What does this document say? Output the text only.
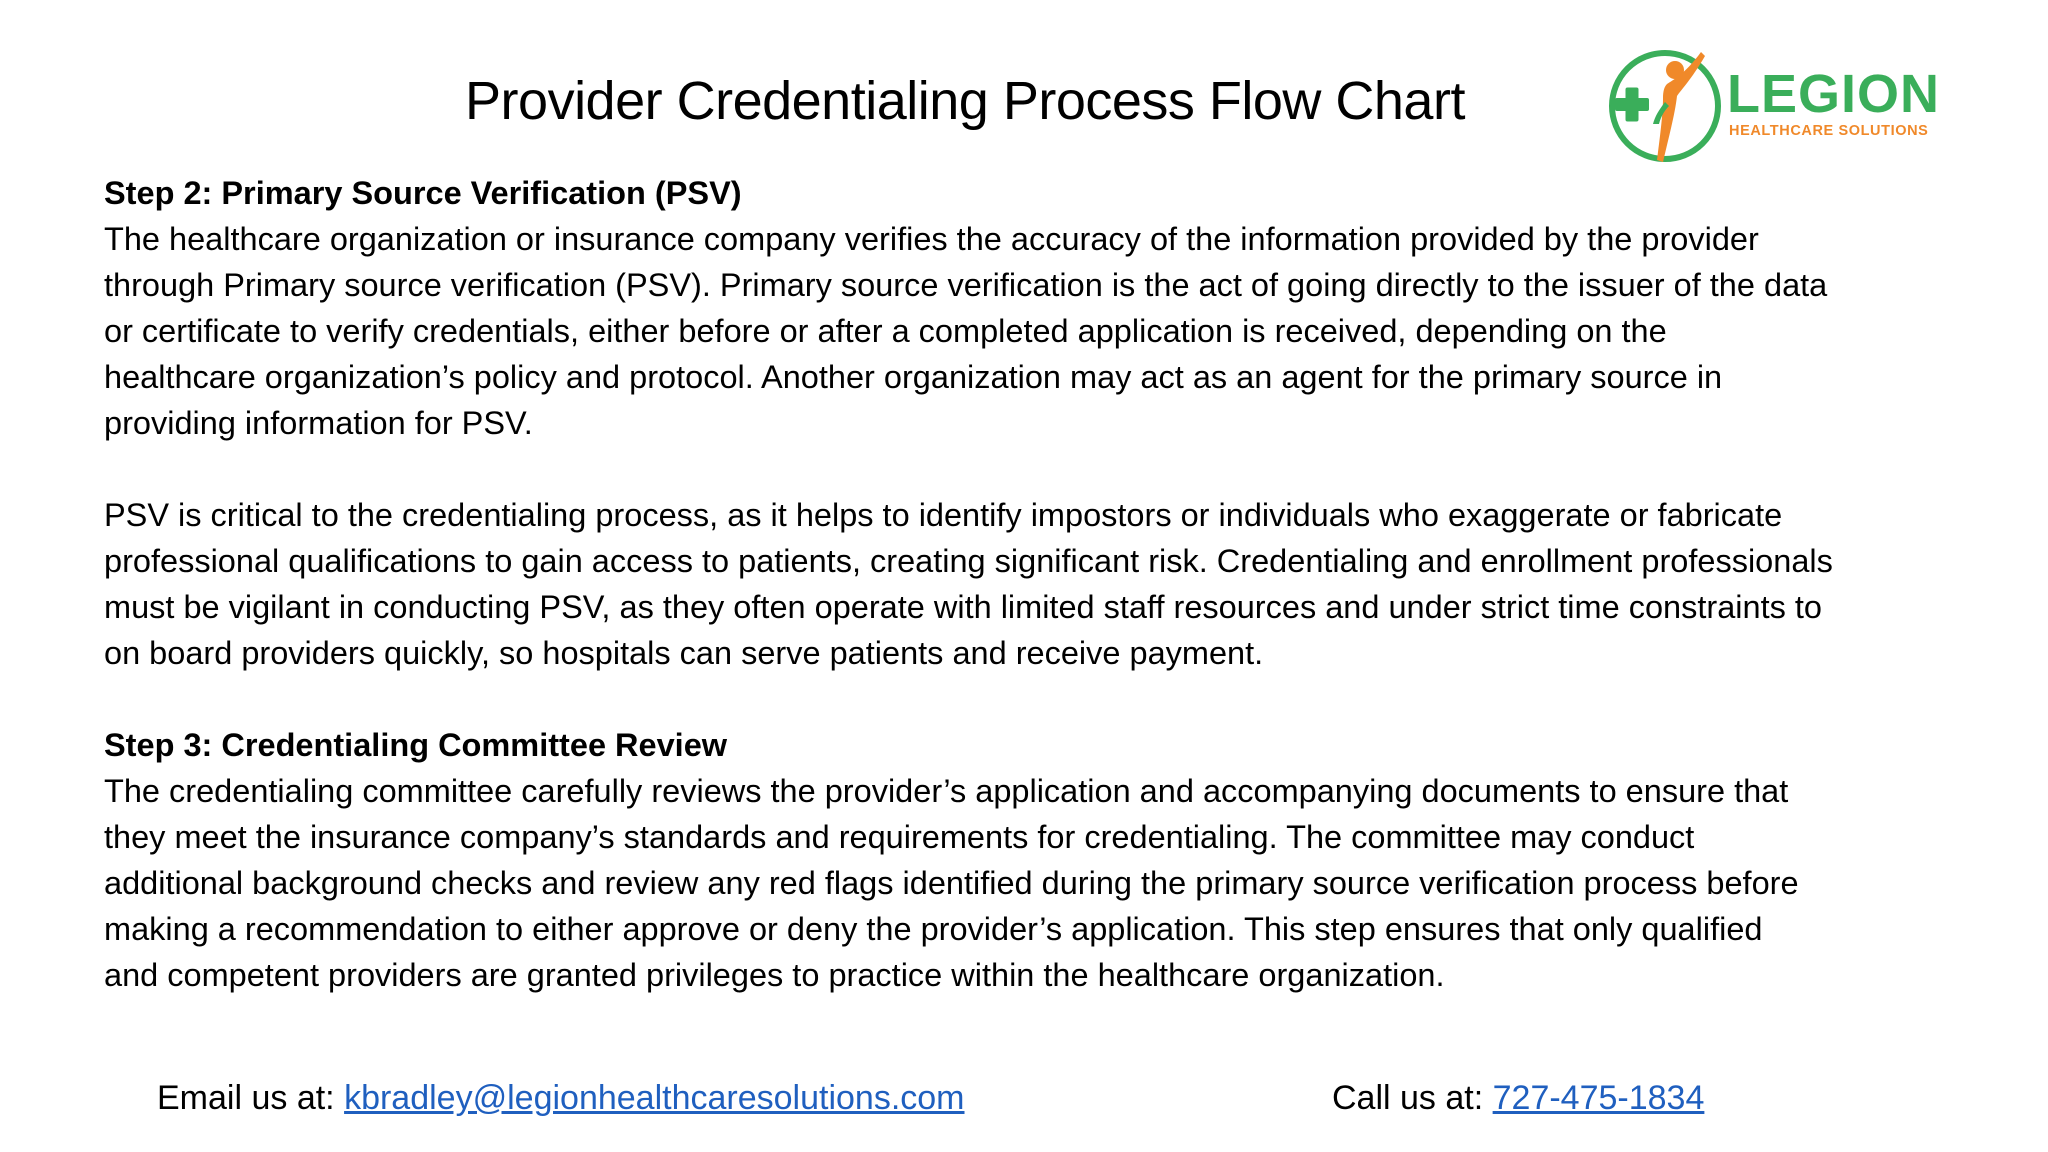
Provider Credentialing Process Flow Chart	LEGION
HEALTHCARE SOLUTIONS

Step 2: Primary Source Verification (PSV)

The healthcare organization or insurance company verifies the accuracy of the information provided by the provider
through Primary source verification (PSV). Primary source verification is the act of going directly to the issuer of the data
or certificate to verify credentials, either before or after a completed application is received, depending on the
healthcare organization’s policy and protocol. Another organization may act as an agent for the primary source in
providing information for PSV.

PSV is critical to the credentialing process, as it helps to identify impostors or individuals who exaggerate or fabricate
professional qualifications to gain access to patients, creating significant risk. Credentialing and enrollment professionals
must be vigilant in conducting PSV, as they often operate with limited staff resources and under strict time constraints to
on board providers quickly, so hospitals can serve patients and receive payment.

Step 3: Credentialing Committee Review

The credentialing committee carefully reviews the provider’s application and accompanying documents to ensure that
they meet the insurance company’s standards and requirements for credentialing. The committee may conduct
additional background checks and review any red flags identified during the primary source verification process before
making a recommendation to either approve or deny the provider’s application. This step ensures that only qualified
and competent providers are granted privileges to practice within the healthcare organization.

Email us at: kbradley@legionhealthcaresolutions.com	Call us at: 727-475-1834
